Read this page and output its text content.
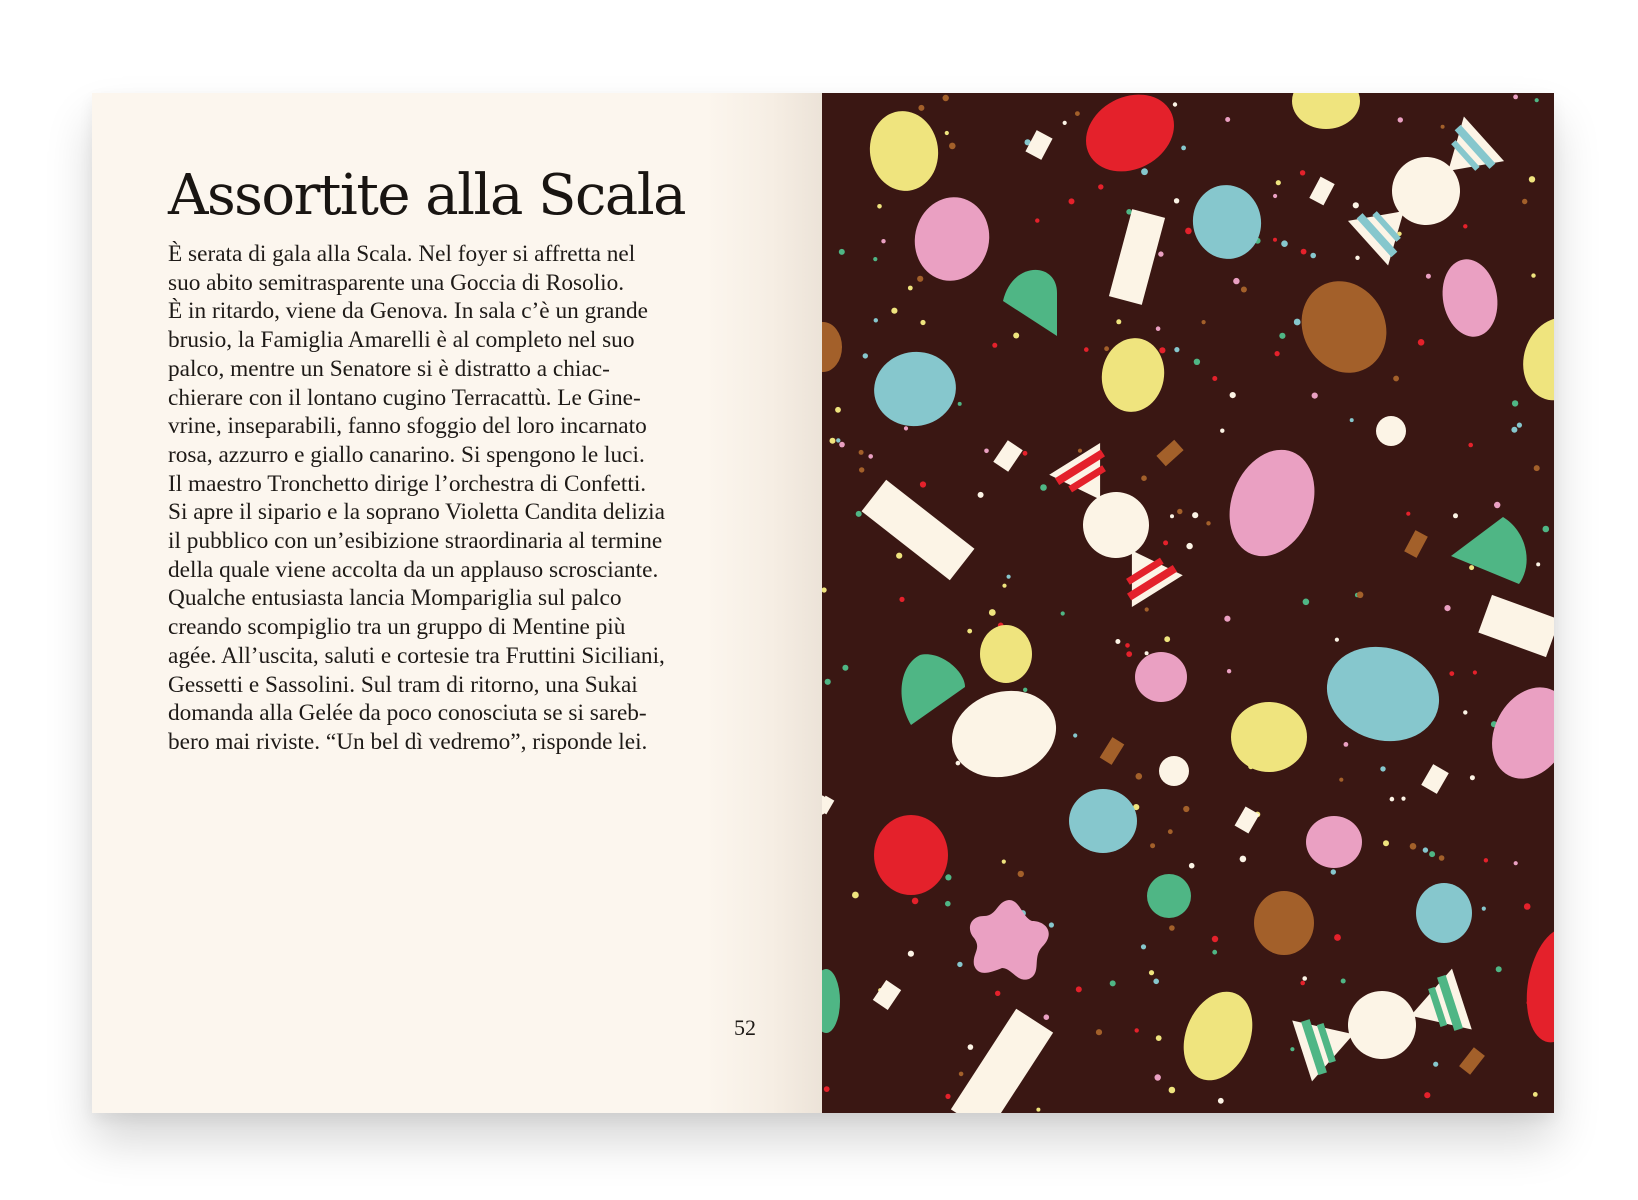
Assortite alla Scala
È serata di gala alla Scala. Nel foyer si affretta nel
suo abito semitrasparente una Goccia di Rosolio.
È in ritardo, viene da Genova. In sala c’è un grande
brusio, la Famiglia Amarelli è al completo nel suo
palco, mentre un Senatore si è distratto a chiac-
chierare con il lontano cugino Terracattù. Le Gine-
vrine, inseparabili, fanno sfoggio del loro incarnato
rosa, azzurro e giallo canarino. Si spengono le luci.
Il maestro Tronchetto dirige l’orchestra di Confetti.
Si apre il sipario e la soprano Violetta Candita delizia
il pubblico con un’esibizione straordinaria al termine
della quale viene accolta da un applauso scrosciante.
Qualche entusiasta lancia Mompariglia sul palco
creando scompiglio tra un gruppo di Mentine più
agée. All’uscita, saluti e cortesie tra Fruttini Siciliani,
Gessetti e Sassolini. Sul tram di ritorno, una Sukai
domanda alla Gelée da poco conosciuta se si sareb-
bero mai riviste. “Un bel dì vedremo”, risponde lei.
52
